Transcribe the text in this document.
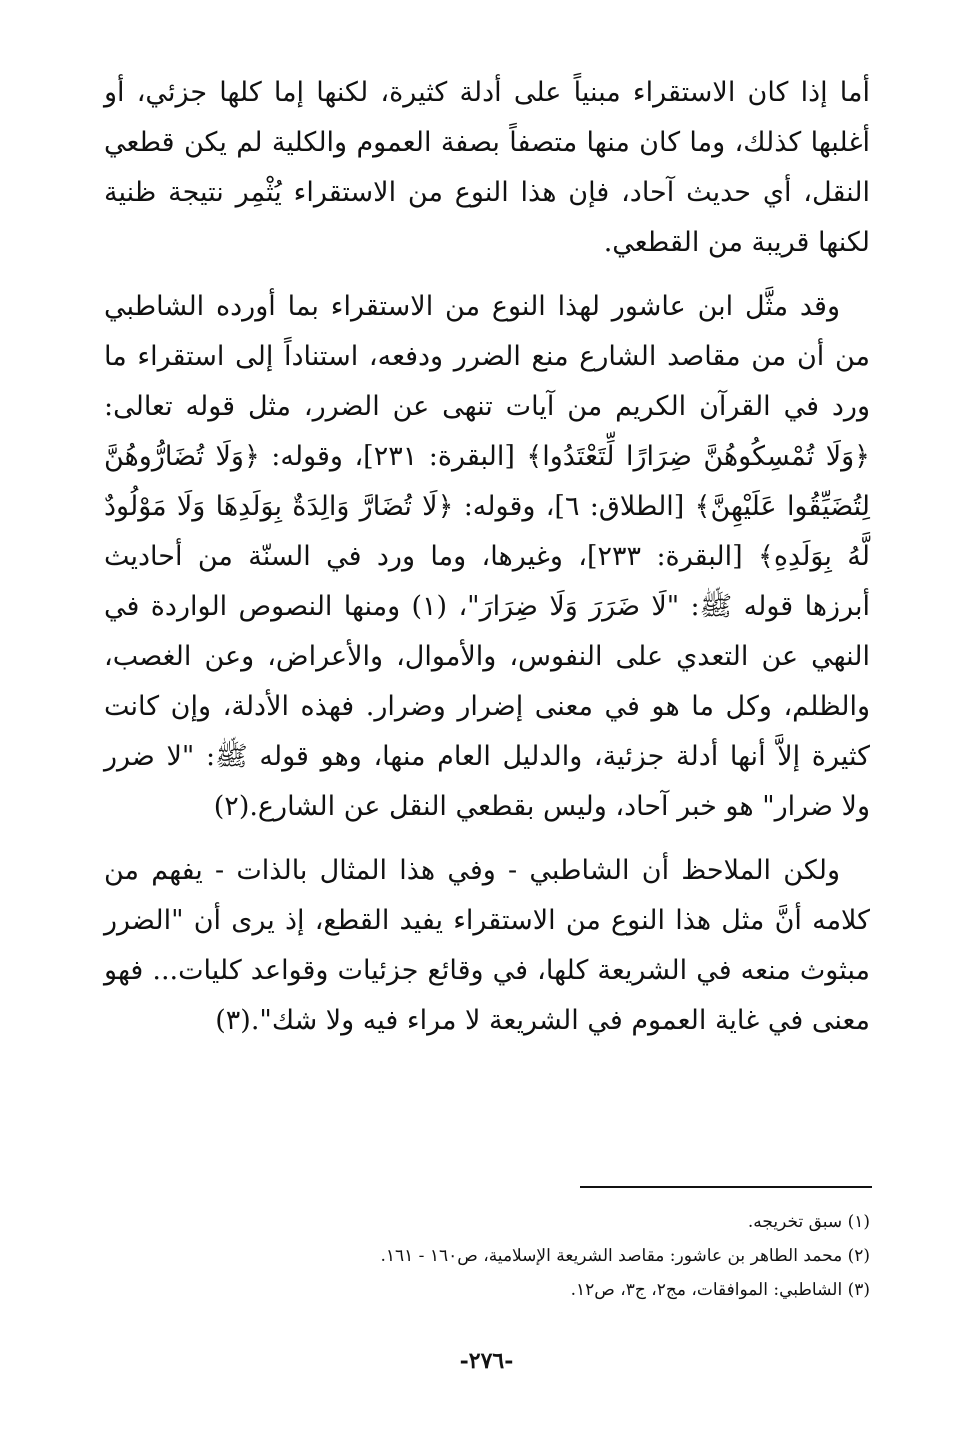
أما إذا كان الاستقراء مبنياً على أدلة كثيرة، لكنها إما كلها جزئي، أو أغلبها كذلك، وما كان منها متصفاً بصفة العموم والكلية لم يكن قطعي النقل، أي حديث آحاد، فإن هذا النوع من الاستقراء يُثْمِر نتيجة ظنية لكنها قريبة من القطعي.

وقد مثَّل ابن عاشور لهذا النوع من الاستقراء بما أورده الشاطبي من أن من مقاصد الشارع منع الضرر ودفعه، استناداً إلى استقراء ما ورد في القرآن الكريم من آيات تنهى عن الضرر، مثل قوله تعالى: ﴿وَلَا تُمْسِكُوهُنَّ ضِرَارًا لِّتَعْتَدُوا﴾ [البقرة: ٢٣١]، وقوله: ﴿وَلَا تُضَارُّوهُنَّ لِتُضَيِّقُوا عَلَيْهِنَّ﴾ [الطلاق: ٦]، وقوله: ﴿لَا تُضَارَّ وَالِدَةٌ بِوَلَدِهَا وَلَا مَوْلُودٌ لَّهُ بِوَلَدِهِ﴾ [البقرة: ٢٣٣]، وغيرها، وما ورد في السنّة من أحاديث أبرزها قوله ﷺ: "لَا ضَرَرَ وَلَا ضِرَارَ"، (١) ومنها النصوص الواردة في النهي عن التعدي على النفوس، والأموال، والأعراض، وعن الغصب، والظلم، وكل ما هو في معنى إضرار وضرار. فهذه الأدلة، وإن كانت كثيرة إلاَّ أنها أدلة جزئية، والدليل العام منها، وهو قوله ﷺ: "لا ضرر ولا ضرار" هو خبر آحاد، وليس بقطعي النقل عن الشارع.(٢)

ولكن الملاحظ أن الشاطبي - وفي هذا المثال بالذات - يفهم من كلامه أنَّ مثل هذا النوع من الاستقراء يفيد القطع، إذ يرى أن "الضرر مبثوث منعه في الشريعة كلها، في وقائع جزئيات وقواعد كليات... فهو معنى في غاية العموم في الشريعة لا مراء فيه ولا شك".(٣)

(١) سبق تخريجه.

(٢) محمد الطاهر بن عاشور: مقاصد الشريعة الإسلامية، ص١٦٠ - ١٦١.

(٣) الشاطبي: الموافقات، مج٢، ج٣، ص١٢.

-٢٧٦-
